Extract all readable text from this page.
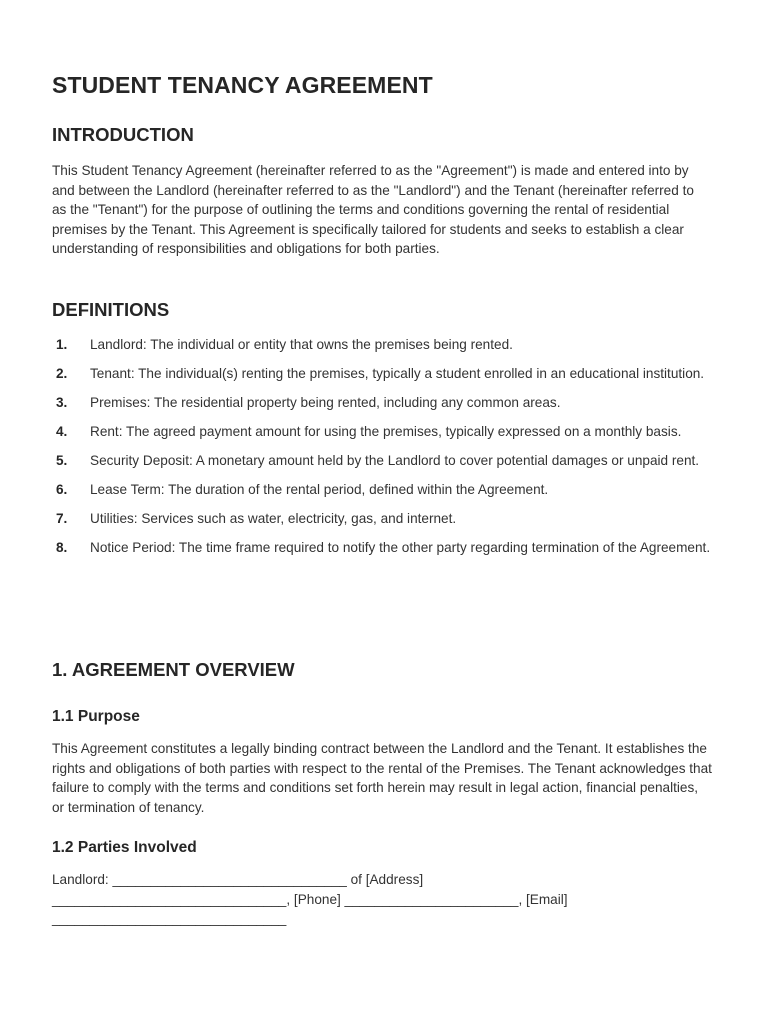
STUDENT TENANCY AGREEMENT
INTRODUCTION

This Student Tenancy Agreement (hereinafter referred to as the "Agreement") is made and entered into by and between the Landlord (hereinafter referred to as the "Landlord") and the Tenant (hereinafter referred to as the "Tenant") for the purpose of outlining the terms and conditions governing the rental of residential premises by the Tenant. This Agreement is specifically tailored for students and seeks to establish a clear understanding of responsibilities and obligations for both parties.

DEFINITIONS
1. Landlord: The individual or entity that owns the premises being rented.
2. Tenant: The individual(s) renting the premises, typically a student enrolled in an educational institution.
3. Premises: The residential property being rented, including any common areas.
4. Rent: The agreed payment amount for using the premises, typically expressed on a monthly basis.
5. Security Deposit: A monetary amount held by the Landlord to cover potential damages or unpaid rent.
6. Lease Term: The duration of the rental period, defined within the Agreement.
7. Utilities: Services such as water, electricity, gas, and internet.
8. Notice Period: The time frame required to notify the other party regarding termination of the Agreement.
1. AGREEMENT OVERVIEW
1.1 Purpose

This Agreement constitutes a legally binding contract between the Landlord and the Tenant. It establishes the rights and obligations of both parties with respect to the rental of the Premises. The Tenant acknowledges that failure to comply with the terms and conditions set forth herein may result in legal action, financial penalties, or termination of tenancy.

1.2 Parties Involved
Landlord: _______________________________ of [Address]
_______________________________, [Phone] _______________________, [Email]
_______________________________
